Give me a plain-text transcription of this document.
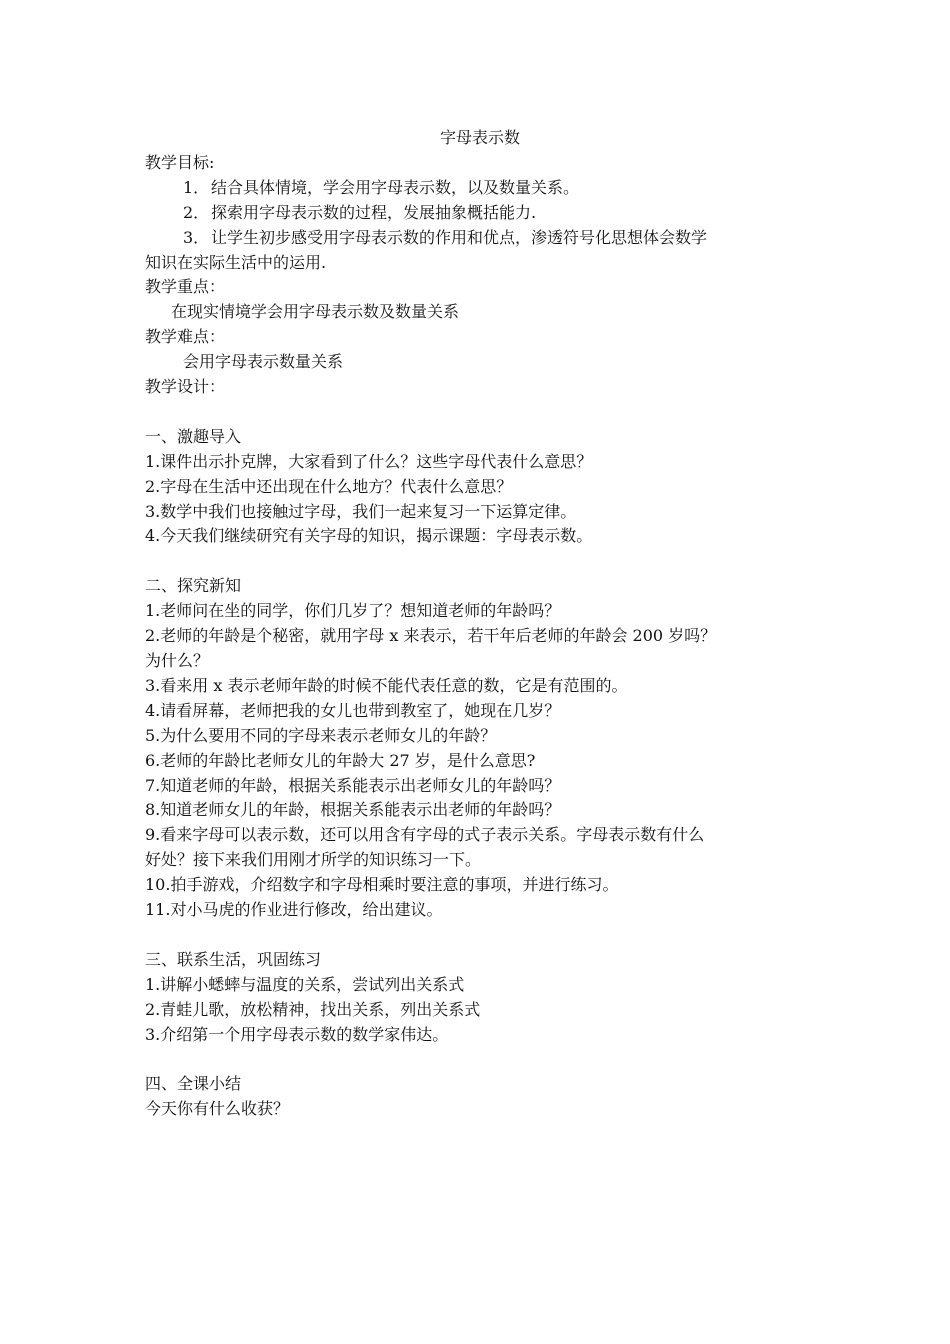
字母表示数

教学目标:

1． 结合具体情境，学会用字母表示数，以及数量关系。

2． 探索用字母表示数的过程，发展抽象概括能力.

3． 让学生初步感受用字母表示数的作用和优点，渗透符号化思想体会数学

知识在实际生活中的运用.

教学重点：

在现实情境学会用字母表示数及数量关系

教学难点：

会用字母表示数量关系

教学设计：

一、激趣导入

1.课件出示扑克牌，大家看到了什么？这些字母代表什么意思？

2.字母在生活中还出现在什么地方？代表什么意思？

3.数学中我们也接触过字母，我们一起来复习一下运算定律。

4.今天我们继续研究有关字母的知识，揭示课题：字母表示数。

二、探究新知

1.老师问在坐的同学，你们几岁了？想知道老师的年龄吗？

2.老师的年龄是个秘密，就用字母 x 来表示，若干年后老师的年龄会 200 岁吗？

为什么？

3.看来用 x 表示老师年龄的时候不能代表任意的数，它是有范围的。

4.请看屏幕，老师把我的女儿也带到教室了，她现在几岁？

5.为什么要用不同的字母来表示老师女儿的年龄？

6.老师的年龄比老师女儿的年龄大 27 岁，是什么意思?

7.知道老师的年龄，根据关系能表示出老师女儿的年龄吗？

8.知道老师女儿的年龄，根据关系能表示出老师的年龄吗？

9.看来字母可以表示数，还可以用含有字母的式子表示关系。字母表示数有什么

好处？接下来我们用刚才所学的知识练习一下。

10.拍手游戏，介绍数字和字母相乘时要注意的事项，并进行练习。

11.对小马虎的作业进行修改，给出建议。

三、联系生活，巩固练习

1.讲解小蟋蟀与温度的关系，尝试列出关系式

2.青蛙儿歌，放松精神，找出关系，列出关系式

3.介绍第一个用字母表示数的数学家伟达。

四、全课小结

今天你有什么收获？
